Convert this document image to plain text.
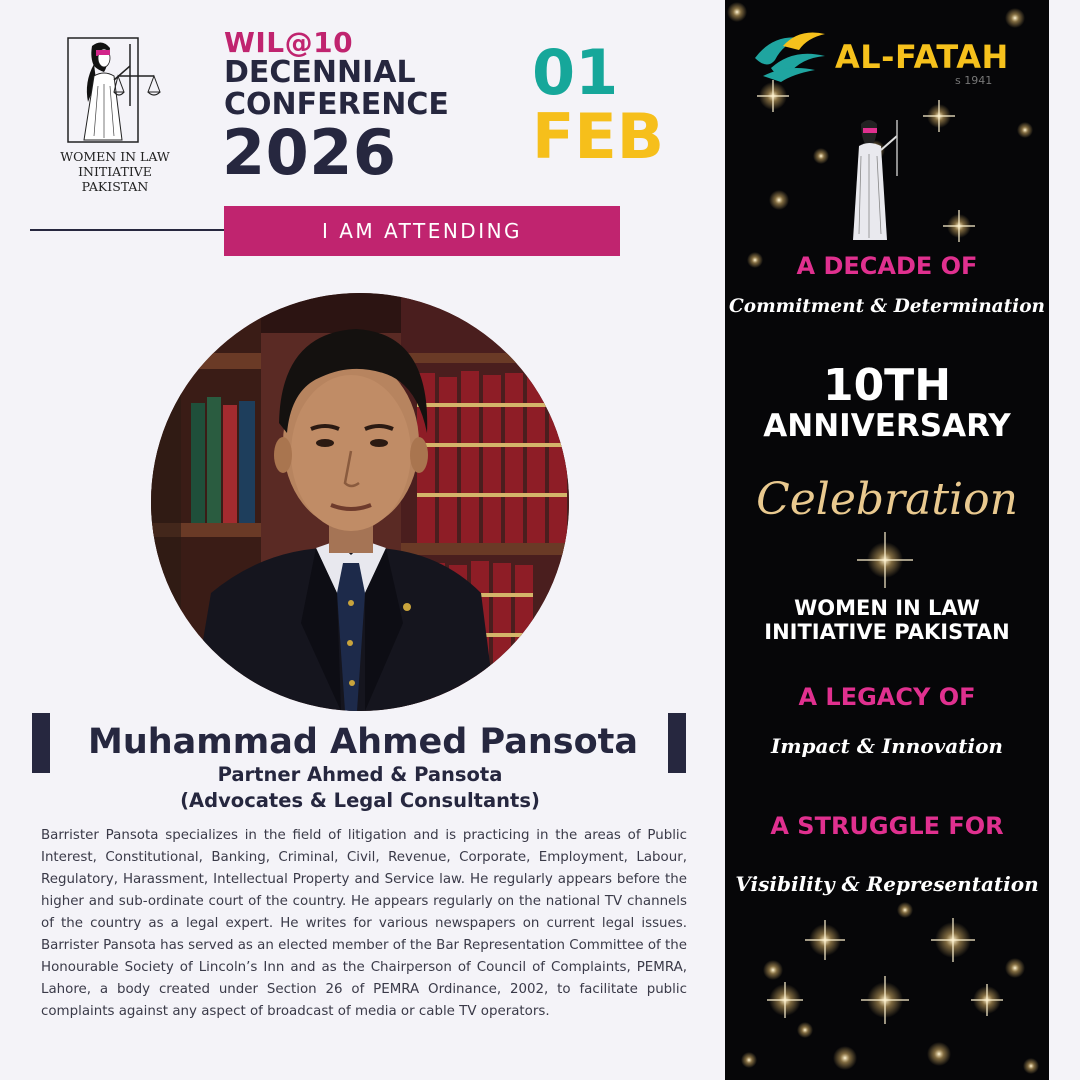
WOMEN IN LAW
INITIATIVE PAKISTAN
WIL@10
DECENNIAL
CONFERENCE
2026
01
FEB
I AM ATTENDING
Muhammad Ahmed Pansota
Partner Ahmed & Pansota
(Advocates & Legal Consultants)

Barrister Pansota specializes in the field of litigation and is practicing in the areas of Public Interest, Constitutional, Banking, Criminal, Civil, Revenue, Corporate, Employment, Labour, Regulatory, Harassment, Intellectual Property and Service law. He regularly appears before the higher and sub-ordinate court of the country. He appears regularly on the national TV channels of the country as a legal expert. He writes for various newspapers on current legal issues. Barrister Pansota has served as an elected member of the Bar Representation Committee of the Honourable Society of Lincoln’s Inn and as the Chairperson of Council of Complaints, PEMRA, Lahore, a body created under Section 26 of PEMRA Ordinance, 2002, to facilitate public complaints against any aspect of broadcast of media or cable TV operators.

AL-FATAH
s 1941
A DECADE OF
Commitment & Determination
10TH
ANNIVERSARY
Celebration
WOMEN IN LAW
INITIATIVE PAKISTAN
A LEGACY OF
Impact & Innovation
A STRUGGLE FOR
Visibility & Representation
